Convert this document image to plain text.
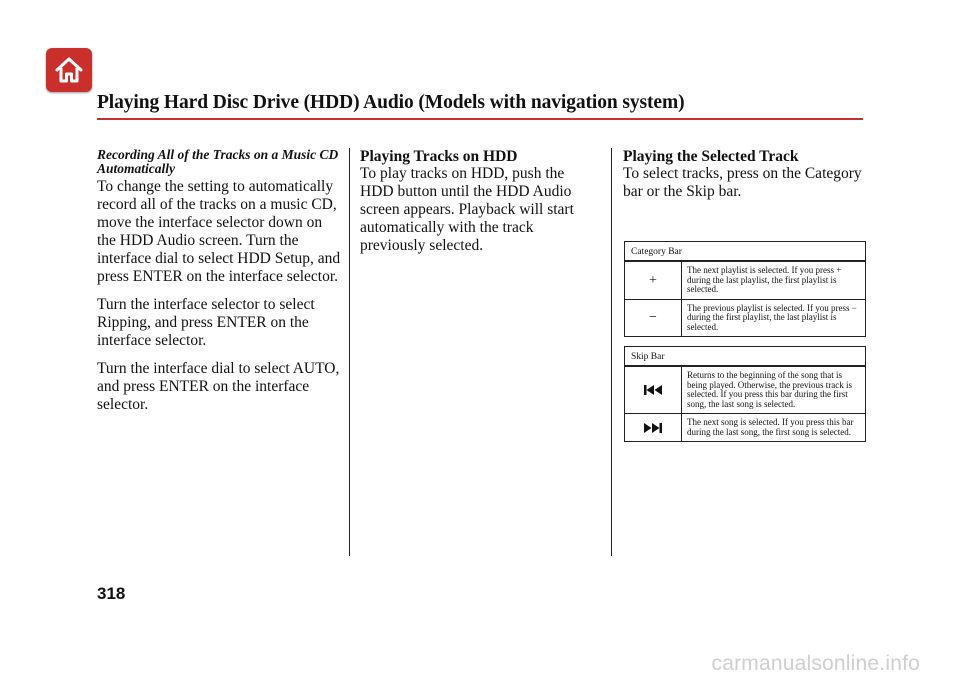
Playing Hard Disc Drive (HDD) Audio (Models with navigation system)
Recording All of the Tracks on a Music CD Automatically

To change the setting to automatically record all of the tracks on a music CD, move the interface selector down on the HDD Audio screen. Turn the interface dial to select HDD Setup, and press ENTER on the interface selector.

Turn the interface selector to select Ripping, and press ENTER on the interface selector.

Turn the interface dial to select AUTO, and press ENTER on the interface selector.

Playing Tracks on HDD

To play tracks on HDD, push the HDD button until the HDD Audio screen appears. Playback will start automatically with the track previously selected.

Playing the Selected Track

To select tracks, press on the Category bar or the Skip bar.

Category Bar
+
The next playlist is selected. If you press + during the last playlist, the first playlist is selected.
−
The previous playlist is selected. If you press − during the first playlist, the last playlist is selected.
Skip Bar
Returns to the beginning of the song that is being played. Otherwise, the previous track is selected. If you press this bar during the first song, the last song is selected.
The next song is selected. If you press this bar during the last song, the first song is selected.
318
carmanualsonline.info
